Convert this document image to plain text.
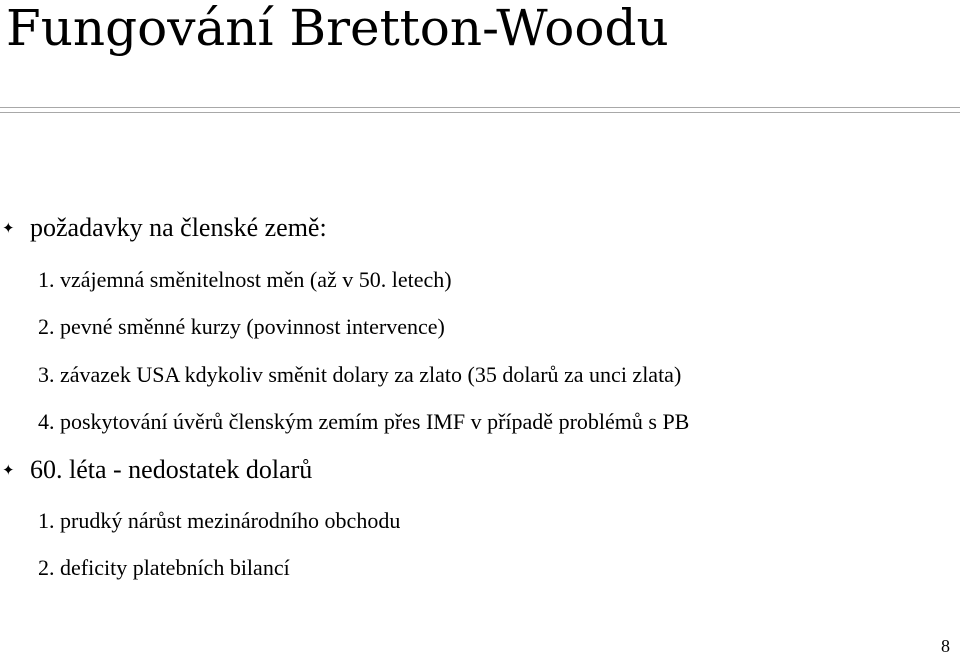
Fungování Bretton-Woodu
✦ požadavky na členské země:
1. vzájemná směnitelnost měn (až v 50. letech)
2. pevné směnné kurzy (povinnost intervence)
3. závazek USA kdykoliv směnit dolary za zlato (35 dolarů za unci zlata)
4. poskytování úvěrů členským zemím přes IMF v případě problémů s PB
✦ 60. léta - nedostatek dolarů
1. prudký nárůst mezinárodního obchodu
2. deficity platebních bilancí
8
